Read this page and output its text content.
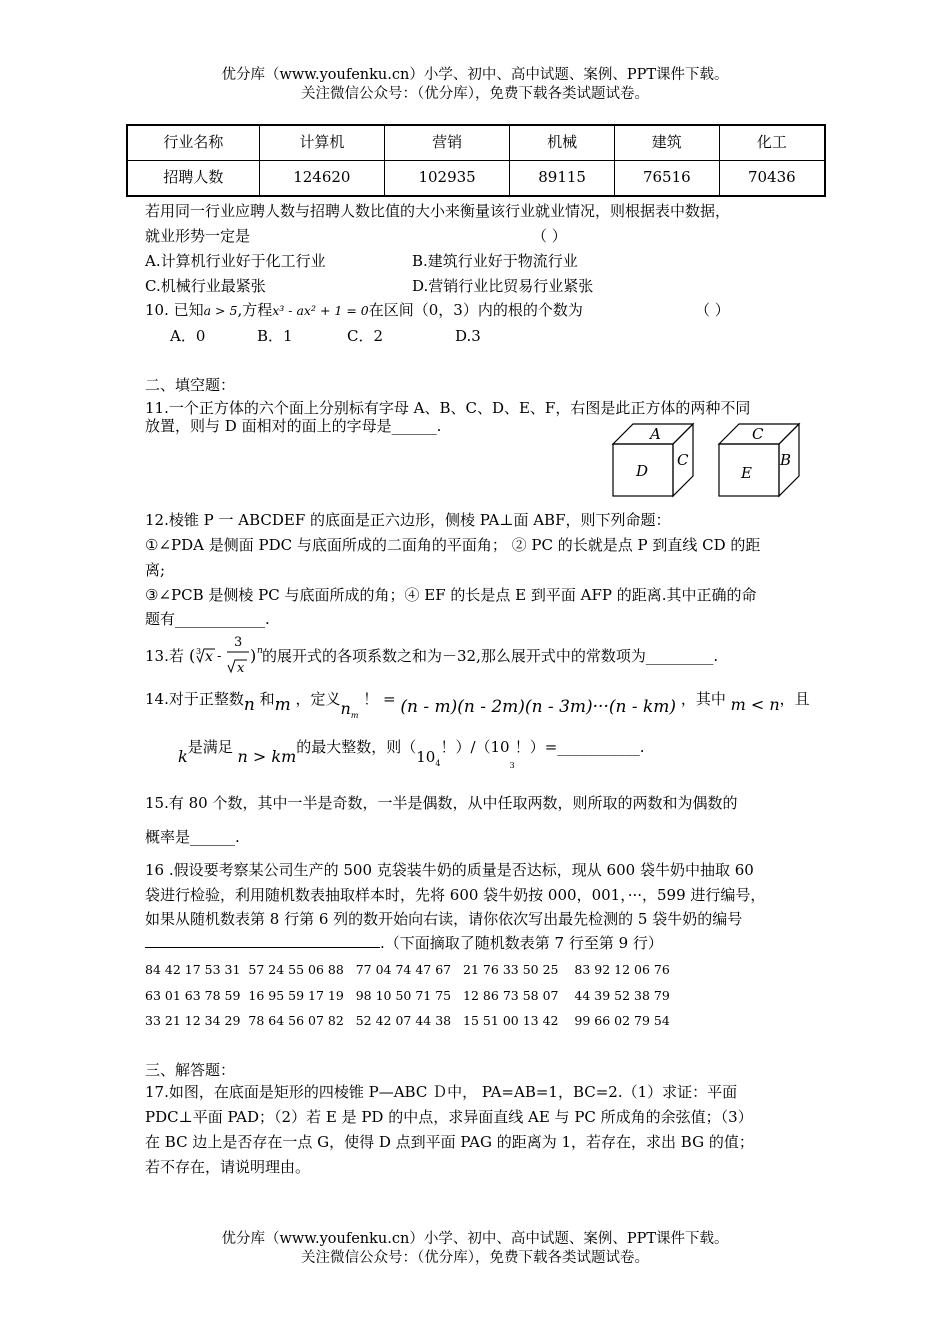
优分库（www.youfenku.cn）小学、初中、高中试题、案例、PPT课件下载。
关注微信公众号：（优分库），免费下载各类试题试卷。
行业名称	计算机	营销	机械	建筑	化工
招聘人数	124620	102935	89115	76516	70436
若用同一行业应聘人数与招聘人数比值的大小来衡量该行业就业情况，则根据表中数据，
就业形势一定是	（ ）
A.计算机行业好于化工行业	B.建筑行业好于物流行业
C.机械行业最紧张	D.营销行业比贸易行业紧张
10. 已知a > 5,方程x³ - ax² + 1 = 0在区间（0，3）内的根的个数为	（ ）
A．0	B．1	C．2	D.3
二、填空题：
11.一个正方体的六个面上分别标有字母 A、B、C、D、E、F，右图是此正方体的两种不同
放置，则与 D 面相对的面上的字母是______.	A
D
C
C
E
B
12.棱锥 P 一 ABCDEF 的底面是正六边形，侧棱 PA⊥面 ABF，则下列命题：
①∠PDA 是侧面 PDC 与底面所成的二面角的平面角； ② PC 的长就是点 P 到直线 CD 的距
离;
③∠PCB 是侧棱 PC 与底面所成的角；④ EF 的长是点 E 到平面 AFP 的距离.其中正确的命
题有____________.
13.若 ( 3 x -
3
x
) n 的展开式的各项系数之和为－32,那么展开式中的常数项为_________.
14.对于正整数n 和m ，定义$n_m$ ！ = (n - m)(n - 2m)(n - 3m)···(n - km) ，其中 m < n，且
k是满足 n > km的最大整数，则（$10_4$！）$/(10_3$！）=___________.
15.有 80 个数，其中一半是奇数，一半是偶数，从中任取两数，则所取的两数和为偶数的
概率是______.
16 .假设要考察某公司生产的 500 克袋装牛奶的质量是否达标，现从 600 袋牛奶中抽取 60
袋进行检验，利用随机数表抽取样本时，先将 600 袋牛奶按 000，001，···，599 进行编号，
如果从随机数表第 8 行第 6 列的数开始向右读，请你依次写出最先检测的 5 袋牛奶的编号
.（下面摘取了随机数表第 7 行至第 9 行）
84 42 17 53 31  57 24 55 06 88   77 04 74 47 67   21 76 33 50 25    83 92 12 06 76
63 01 63 78 59  16 95 59 17 19   98 10 50 71 75   12 86 73 58 07    44 39 52 38 79
33 21 12 34 29  78 64 56 07 82   52 42 07 44 38   15 51 00 13 42    99 66 02 79 54
三、解答题：
17.如图，在底面是矩形的四棱锥 P—ABC Ｄ中， PA=AB=1，BC=2.（1）求证：平面
PDC⊥平面 PAD；（2）若 E 是 PD 的中点，求异面直线 AE 与 PC 所成角的余弦值；（3）
在 BC 边上是否存在一点 G，使得 D 点到平面 PAG 的距离为 1，若存在，求出 BG 的值；
若不存在，请说明理由。
优分库（www.youfenku.cn）小学、初中、高中试题、案例、PPT课件下载。
关注微信公众号：（优分库），免费下载各类试题试卷。
